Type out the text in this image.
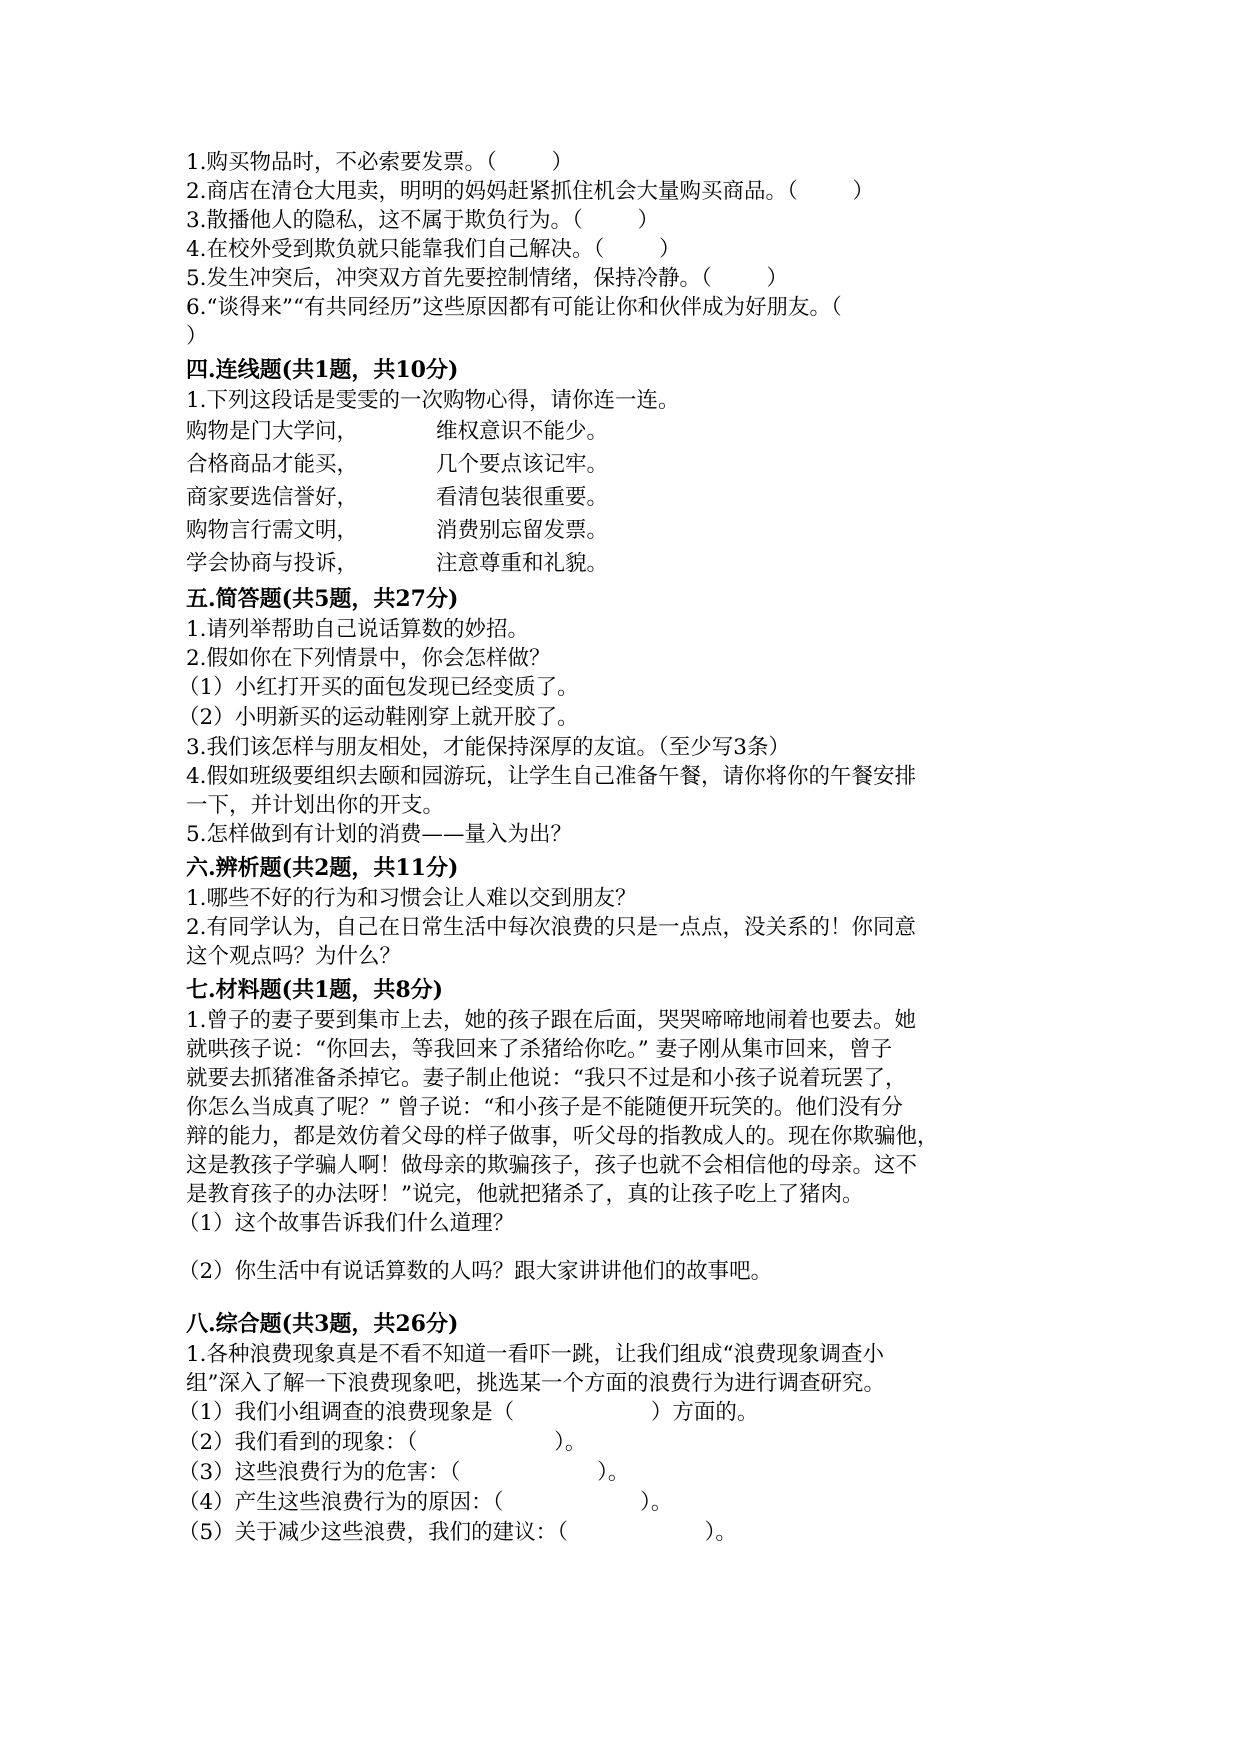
1.购买物品时，不必索要发票。（        ）
2.商店在清仓大甩卖，明明的妈妈赶紧抓住机会大量购买商品。（        ）
3.散播他人的隐私，这不属于欺负行为。（        ）
4.在校外受到欺负就只能靠我们自己解决。（        ）
5.发生冲突后，冲突双方首先要控制情绪，保持冷静。（        ）
6.“谈得来”“有共同经历”这些原因都有可能让你和伙伴成为好朋友。（
）
四.连线题(共1题，共10分)
1.下列这段话是雯雯的一次购物心得，请你连一连。
购物是门大学问，	维权意识不能少。
合格商品才能买，	几个要点该记牢。
商家要选信誉好，	看清包装很重要。
购物言行需文明，	消费别忘留发票。
学会协商与投诉，	注意尊重和礼貌。
五.简答题(共5题，共27分)
1.请列举帮助自己说话算数的妙招。
2.假如你在下列情景中，你会怎样做？
（1）小红打开买的面包发现已经变质了。
（2）小明新买的运动鞋刚穿上就开胶了。
3.我们该怎样与朋友相处，才能保持深厚的友谊。（至少写3条）
4.假如班级要组织去颐和园游玩，让学生自己准备午餐，请你将你的午餐安排
一下，并计划出你的开支。
5.怎样做到有计划的消费——量入为出？
六.辨析题(共2题，共11分)
1.哪些不好的行为和习惯会让人难以交到朋友？
2.有同学认为，自己在日常生活中每次浪费的只是一点点，没关系的！你同意
这个观点吗？为什么？
七.材料题(共1题，共8分)
1.曾子的妻子要到集市上去，她的孩子跟在后面，哭哭啼啼地闹着也要去。她
就哄孩子说：“你回去，等我回来了杀猪给你吃。” 妻子刚从集市回来，曾子
就要去抓猪准备杀掉它。妻子制止他说：“我只不过是和小孩子说着玩罢了，
你怎么当成真了呢？” 曾子说：“和小孩子是不能随便开玩笑的。他们没有分
辩的能力，都是效仿着父母的样子做事，听父母的指教成人的。现在你欺骗他，
这是教孩子学骗人啊！做母亲的欺骗孩子，孩子也就不会相信他的母亲。这不
是教育孩子的办法呀！”说完，他就把猪杀了，真的让孩子吃上了猪肉。
（1）这个故事告诉我们什么道理？
（2）你生活中有说话算数的人吗？跟大家讲讲他们的故事吧。
八.综合题(共3题，共26分)
1.各种浪费现象真是不看不知道一看吓一跳，让我们组成“浪费现象调查小
组”深入了解一下浪费现象吧，挑选某一个方面的浪费行为进行调查研究。
（1）我们小组调查的浪费现象是（                    ）方面的。
（2）我们看到的现象：（                    ）。
（3）这些浪费行为的危害：（                    ）。
（4）产生这些浪费行为的原因：（                    ）。
（5）关于减少这些浪费，我们的建议：（                    ）。
